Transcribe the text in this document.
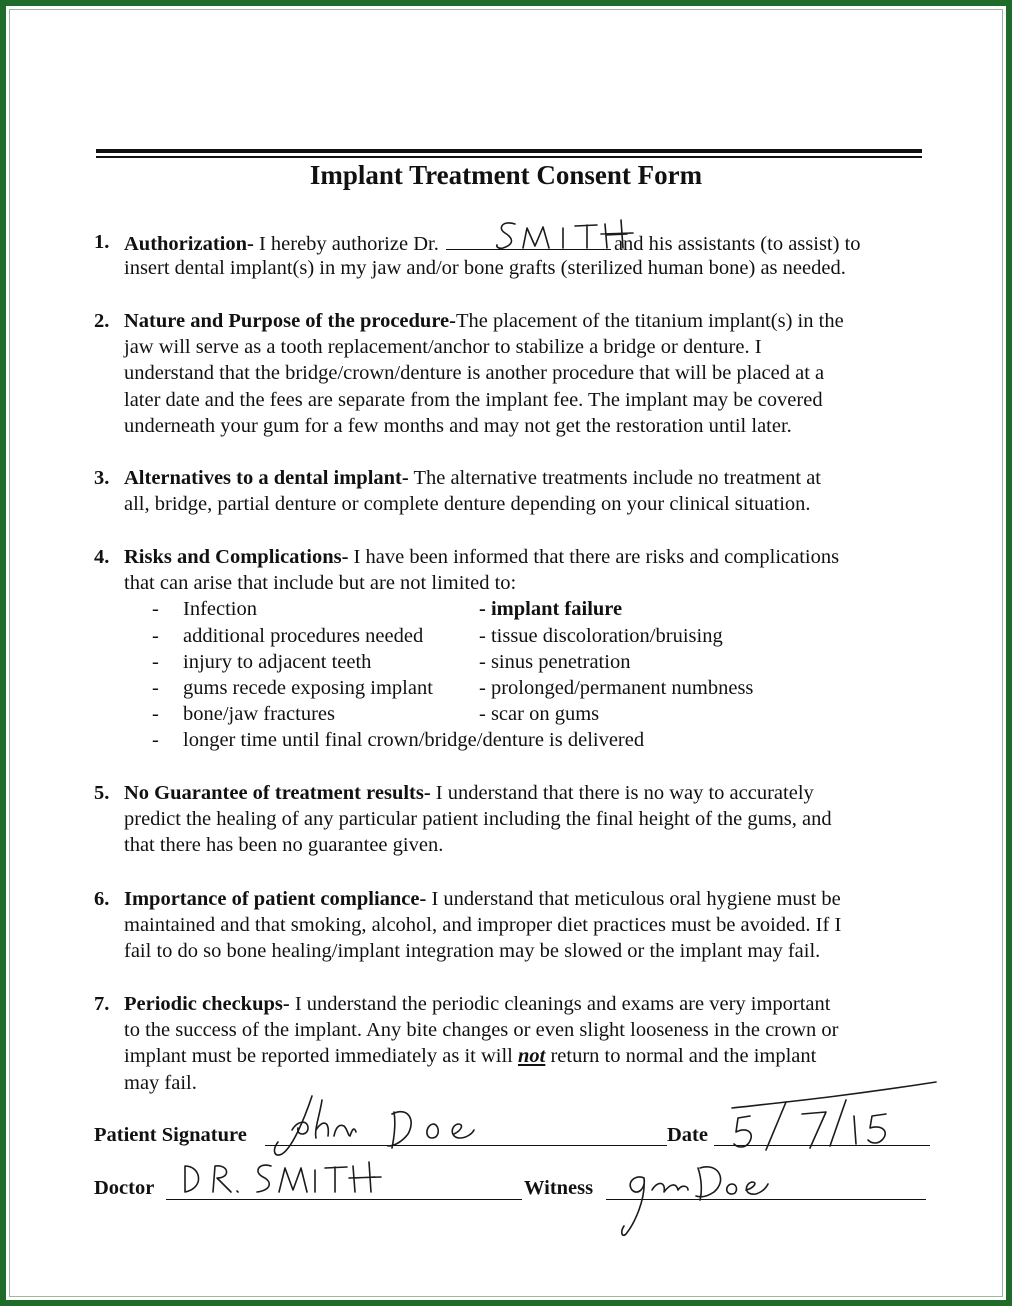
Implant Treatment Consent Form
1. Authorization- I hereby authorize Dr.	and his assistants (to assist) to
insert dental implant(s) in my jaw and/or bone grafts (sterilized human bone) as needed.
2. Nature and Purpose of the procedure-The placement of the titanium implant(s) in the
jaw will serve as a tooth replacement/anchor to stabilize a bridge or denture. I
understand that the bridge/crown/denture is another procedure that will be placed at a
later date and the fees are separate from the implant fee. The implant may be covered
underneath your gum for a few months and may not get the restoration until later.
3. Alternatives to a dental implant- The alternative treatments include no treatment at
all, bridge, partial denture or complete denture depending on your clinical situation.
4. Risks and Complications- I have been informed that there are risks and complications
that can arise that include but are not limited to:
- Infection	- implant failure
- additional procedures needed	- tissue discoloration/bruising
- injury to adjacent teeth	- sinus penetration
- gums recede exposing implant - prolonged/permanent numbness
- bone/jaw fractures	- scar on gums
- longer time until final crown/bridge/denture is delivered
5. No Guarantee of treatment results- I understand that there is no way to accurately
predict the healing of any particular patient including the final height of the gums, and
that there has been no guarantee given.
6. Importance of patient compliance- I understand that meticulous oral hygiene must be
maintained and that smoking, alcohol, and improper diet practices must be avoided. If I
fail to do so bone healing/implant integration may be slowed or the implant may fail.
7. Periodic checkups- I understand the periodic cleanings and exams are very important
to the success of the implant. Any bite changes or even slight looseness in the crown or
implant must be reported immediately as it will not return to normal and the implant
may fail.
Patient Signature	Date
Doctor	Witness
